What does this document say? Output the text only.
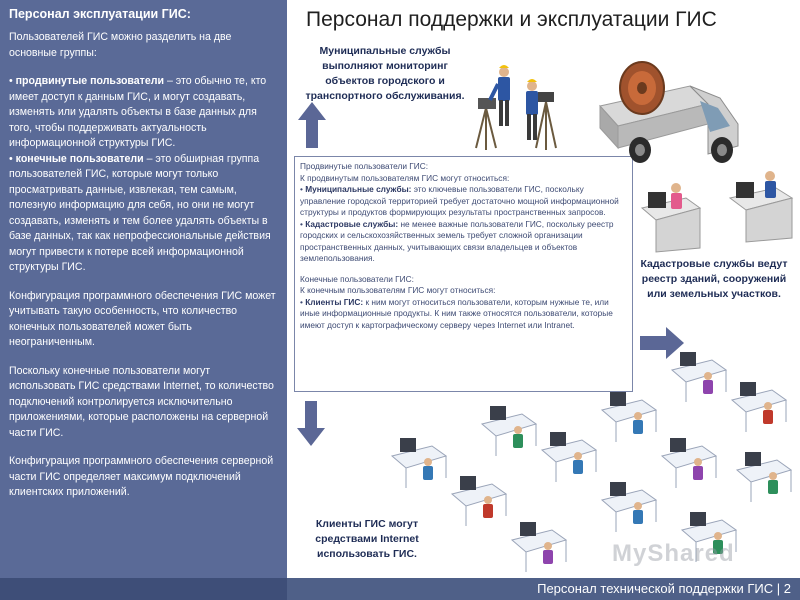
Персонал эксплуатации ГИС:

Пользователей ГИС можно разделить на две основные группы:

• продвинутые пользователи – это обычно те, кто имеет доступ к данным ГИС, и могут создавать, изменять или удалять объекты в базе данных для того, чтобы поддерживать актуальность информационной структуры ГИС.

• конечные пользователи – это обширная группа пользователей ГИС, которые могут только просматривать данные, извлекая, тем самым, полезную информацию для себя, но они не могут создавать, изменять и тем более удалять объекты в базе данных, так как непрофессиональные действия могут привести к потере всей информационной структуры ГИС.

Конфигурация программного обеспечения ГИС может учитывать такую особенность, что количество конечных пользователей может быть неограниченным.

Поскольку конечные пользователи могут использовать ГИС средствами Internet, то количество подключений контролируется исключительно приложениями, которые расположены на серверной части ГИС.

Конфигурация программного обеспечения серверной части ГИС определяет максимум подключений клиентских приложений.

Персонал поддержки и эксплуатации ГИС
Муниципальные службы выполняют мониторинг объектов городского и транспортного обслуживания.
Кадастровые службы ведут реестр зданий, сооружений или земельных участков.
Клиенты ГИС могут средствами Internet использовать ГИС.
Продвинутые пользователи ГИС:
К продвинутым пользователям ГИС могут относиться:
• Муниципальные службы: это ключевые пользователи ГИС, поскольку управление городской территорией требует достаточно мощной информационной структуры и продуктов формирующих результаты пространственных запросов.
• Кадастровые службы: не менее важные пользователи ГИС, поскольку реестр городских и сельскохозяйственных земель требует сложной организации пространственных данных, учитывающих связи владельцев и объектов землепользования.
Конечные пользователи ГИС:
К конечным пользователям ГИС могут относиться:
• Клиенты ГИС: к ним могут относиться пользователи, которым нужные те, или иные информационные продукты. К ним также относятся пользователи, которые имеют доступ к картографическому серверу через Internet или Intranet.
MyShared
Персонал технической поддержки ГИС | 2
